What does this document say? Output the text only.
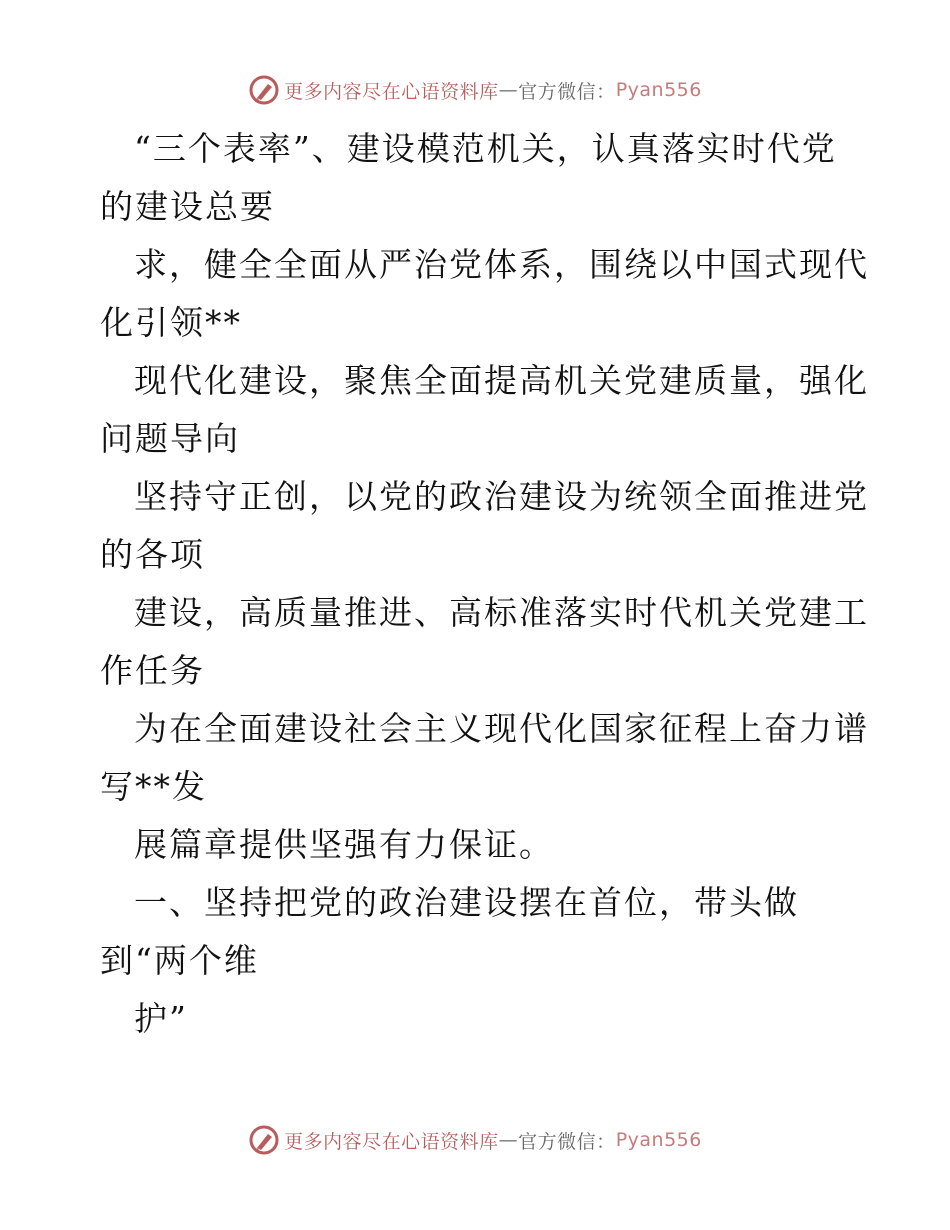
更多内容尽在心语资料库 — 官方微信： Pyan556
“三个表率”、建设模范机关，认真落实时代党
的建设总要
求，健全全面从严治党体系，围绕以中国式现代
化引领**
现代化建设，聚焦全面提高机关党建质量，强化
问题导向
坚持守正创，以党的政治建设为统领全面推进党
的各项
建设，高质量推进、高标准落实时代机关党建工
作任务
为在全面建设社会主义现代化国家征程上奋力谱
写**发
展篇章提供坚强有力保证。
一、坚持把党的政治建设摆在首位，带头做
到“两个维
护”
更多内容尽在心语资料库 — 官方微信： Pyan556
